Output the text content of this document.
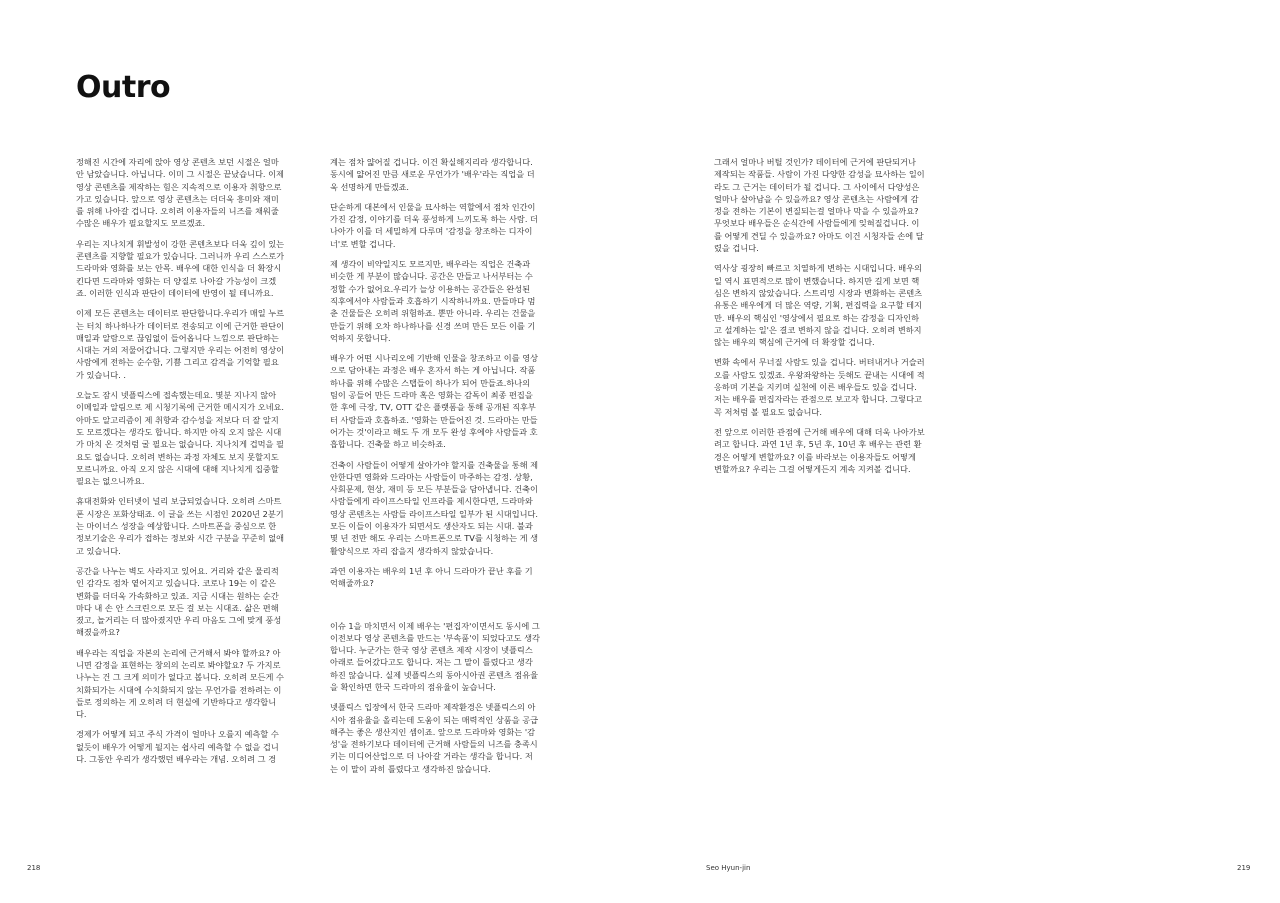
Outro

정해진 시간에 자리에 앉아 영상 콘텐츠 보던 시절은 얼마 안 남았습니다. 아닙니다. 이미 그 시절은 끝났습니다. 이제 영상 콘텐츠를 제작하는 힘은 지속적으로 이용자 취향으로 가고 있습니다. 앞으로 영상 콘텐츠는 더더욱 흥미와 재미를 위해 나아갈 겁니다. 오히려 이용자들의 니즈를 채워줄 수많은 배우가 필요할지도 모르겠죠.

우리는 지나치게 휘발성이 강한 콘텐츠보다 더욱 깊이 있는 콘텐츠를 지향할 필요가 있습니다. 그러니까 우리 스스로가 드라마와 영화를 보는 안목. 배우에 대한 인식을 더 확장시킨다면 드라마와 영화는 더 양질로 나아갈 가능성이 크겠죠. 이러한 인식과 판단이 데이터에 반영이 될 테니까요.

이제 모든 콘텐츠는 데이터로 판단합니다.우리가 매일 누르는 터치 하나하나가 데이터로 전송되고 이에 근거한 판단이 매일과 알람으로 끊임없이 들어옵니다 느낌으로 판단하는 시대는 거의 저물어갑니다. 그렇지만 우리는 어전히 영상이 사람에게 전하는 순수함, 기쁨 그리고 감격을 기억할 필요가 있습니다. .

오늘도 잠시 넷플릭스에 접속했는데요. 몇분 지나지 않아 이메일과 알림으로 제 시청기록에 근거한 메시지가 오네요. 아마도 알고리즘이 제 취향과 감수성을 저보다 더 잘 알지도 모르겠다는 생각도 합니다. 하지만 아직 오지 않은 시대가 마치 온 것처럼 굴 필요는 없습니다. 지나치게 겁먹을 필요도 없습니다. 오히려 변하는 과정 자체도 보지 못할지도 모르니까요. 아직 오지 않은 시대에 대해 지나치게 집중할 필요는 없으니까요.

휴대전화와 인터넷이 널리 보급되었습니다. 오히려 스마트폰 시장은 포화상태죠. 이 글을 쓰는 시점인 2020년 2분기는 마이너스 성장을 예상합니다. 스마트폰을 중심으로 한 정보기술은 우리가 접하는 정보와 시간 구분을 꾸준히 없애고 있습니다.

공간을 나누는 벽도 사라지고 있어요. 거리와 같은 물리적인 감각도 점차 옅어지고 있습니다. 코로나 19는 이 같은 변화를 더더욱 가속화하고 있죠. 지금 시대는 원하는 순간마다 내 손 안 스크린으로 모든 걸 보는 시대죠. 삶은 편해졌고, 놀거리는 더 많아졌지만 우리 마음도 그에 맞게 풍성해졌을까요?

배우라는 직업을 자본의 논리에 근거해서 봐야 할까요? 아니면 감정을 표현하는 창의의 논리로 봐야할요? 두 가지로 나누는 건 그 크게 의미가 없다고 봅니다. 오히려 모든게 수치화되가는 시대에 수치화되지 않는 무언가를 전하려는 이들로 정의하는 게 오히려 더 현실에 기반하다고 생각합니다.

경제가 어떻게 되고 주식 가격이 얼마나 오를지 예측할 수 없듯이 배우가 어떻게 될지는 쉽사리 예측할 수 없을 겁니다. 그동안 우리가 생각했던 배우라는 개념. 오히려 그 경

계는 점차 얇어질 겁니다. 이건 확실해지리라 생각합니다. 동시에 얇어진 만큼 새로운 무언가가 '배우'라는 직업을 더욱 선명하게 만들겠죠.

단순하게 대본에서 인물을 묘사하는 역할에서 점차 인간이 가진 감정, 이야기를 더욱 풍성하게 느끼도록 하는 사람. 더 나아가 이를 더 세밀하게 다루며 '감정을 창조하는 디자이너'로 변할 겁니다.

제 생각이 비약일지도 모르지만, 배우라는 직업은 건축과 비슷한 게 부분이 많습니다. 공간은 만들고 나서부터는 수정할 수가 없어요.우리가 늘상 이용하는 공간들은 완성된 직후에서야 사람들과 호흡하기 시작하니까요. 만들마다 멈춘 건물들은 오히려 위험하죠. 뿐만 아니라. 우리는 건물을 만들기 위해 오차 하나하나를 신경 쓰며 만든 모든 이를 기억하지 못합니다.

배우가 어떤 시나리오에 기반해 인물을 창조하고 이를 영상으로 담아내는 과정은 배우 혼자서 하는 게 아닙니다. 작품 하나를 위해 수많은 스탭들이 하나가 되어 만들죠.하나의 팀이 공들어 만든 드라마 혹은 영화는 감독이 최종 편집을 한 후에 극장, TV, OTT 같은 플랫폼을 통해 공개된 직후부터 사람들과 호흡하죠. '영화는 만들어진 것. 드라마는 만들어가는 것'이라고 해도 두 개 모두 완성 후에야 사람들과 호흡합니다. 건축물 하고 비슷하죠.

건축이 사람들이 어떻게 살아가야 할지를 건축물을 통해 제안한다면 영화와 드라마는 사람들이 마주하는 감정. 상황, 사회문제, 현상, 재미 등 모든 부분들을 담아냅니다. 건축이 사람들에게 라이프스타일 인프라를 제시한다면, 드라마와 영상 콘텐츠는 사람들 라이프스타일 일부가 된 시대입니다. 모든 이들이 이용자가 되면서도 생산자도 되는 시대. 불과 몇 년 전만 해도 우리는 스마트폰으로 TV를 시청하는 게 생활양식으로 자리 잡을지 생각하지 않았습니다.

과연 이용자는 배우의 1년 후 아니 드라마가 끝난 후를 기억해줄까요?

이슈 1을 마치면서 이제 배우는 '편집자'이면서도 동시에 그 이전보다 영상 콘텐츠를 만드는 '부속품'이 되었다고도 생각합니다. 누군가는 한국 영상 콘텐츠 제작 시장이 넷플릭스 아래로 들어갔다고도 합니다. 저는 그 말이 틀렸다고 생각하진 않습니다. 실제 넷플릭스의 동아시아권 콘텐츠 점유율을 확인하면 한국 드라마의 점유율이 높습니다.

넷플릭스 입장에서 한국 드라마 제작환경은 넷플릭스의 아시아 점유율을 올리는데 도움이 되는 매력적인 상품을 공급해주는 좋은 생산지인 셈이죠. 앞으로 드라마와 영화는 '감성'을 전하기보다 데이터에 근거해 사람들의 니즈를 충족시키는 미디어산업으로 더 나아갈 거라는 생각을 합니다. 저는 이 말이 과히 틀렸다고 생각하진 않습니다.

그래서 얼마나 버틸 것인가? 데이터에 근거에 판단되거나 제작되는 작품들. 사람이 가진 다양한 감성을 묘사하는 일이라도 그 근거는 데이터가 될 겁니다. 그 사이에서 다양성은 얼마나 살아남을 수 있을까요? 영상 콘텐츠는 사람에게 감정을 전하는 기본이 변질되는걸 얼마나 막을 수 있을까요? 무엇보다 배우들은 순식간에 사람들에게 잊혀질겁니다. 이를 어떻게 견딜 수 있을까요? 아마도 이건 시청자들 손에 달렸을 겁니다.

역사상 굉장히 빠르고 치열하게 변하는 시대입니다. 배우의 일 역시 표면적으로 많이 변했습니다. 하지만 길게 보면 핵심은 변하지 않았습니다. 스트리밍 시장과 변화하는 콘텐츠 유통은 배우에게 더 많은 역량, 기획, 편집력을 요구할 테지만. 배우의 핵심인 '영상에서 필요로 하는 감정을 디자인하고 설계하는 일'은 결코 변하지 않을 겁니다. 오히려 변하지 않는 배우의 핵심에 근거에 더 확장할 겁니다.

변화 속에서 무너질 사람도 있을 겁니다. 버텨내거나 거슬러 오를 사람도 있겠죠. 우왕좌왕하는 듯해도 끝내는 시대에 적응하며 기본을 지키며 실천에 이른 배우들도 있을 겁니다. 저는 배우를 편집자라는 관점으로 보고자 합니다. 그렇다고 꼭 저처럼 볼 필요도 없습니다.

전 앞으로 이러한 관점에 근거해 배우에 대해 더욱 나아가보려고 합니다. 과연 1년 후, 5년 후, 10년 후 배우는 관련 환경은 어떻게 변할까요? 이를 바라보는 이용자들도 어떻게 변할까요? 우리는 그걸 어떻게든지 계속 지켜볼 겁니다.

218	Seo Hyun-jin	219
